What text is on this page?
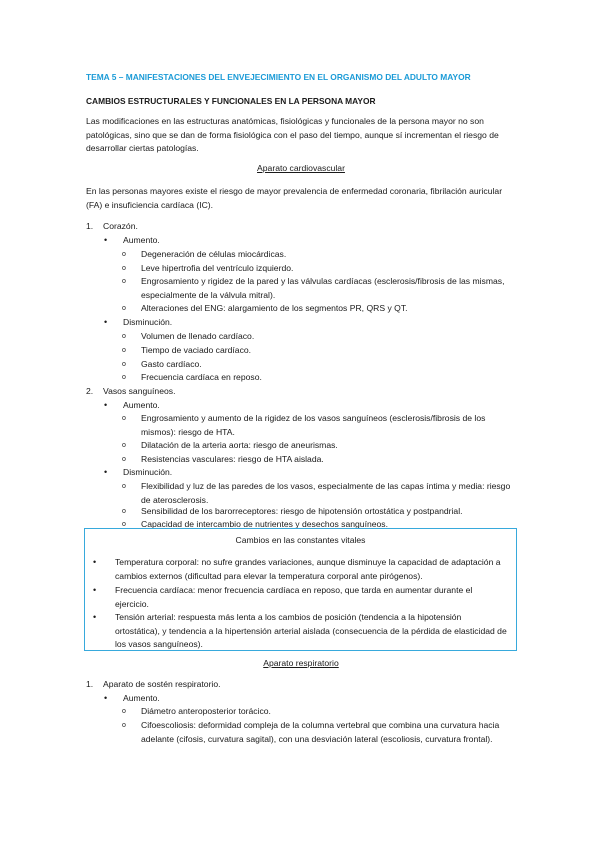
TEMA 5 – MANIFESTACIONES DEL ENVEJECIMIENTO EN EL ORGANISMO DEL ADULTO MAYOR
CAMBIOS ESTRUCTURALES Y FUNCIONALES EN LA PERSONA MAYOR
Las modificaciones en las estructuras anatómicas, fisiológicas y funcionales de la persona mayor no son patológicas, sino que se dan de forma fisiológica con el paso del tiempo, aunque sí incrementan el riesgo de desarrollar ciertas patologías.
Aparato cardiovascular
En las personas mayores existe el riesgo de mayor prevalencia de enfermedad coronaria, fibrilación auricular (FA) e insuficiencia cardíaca (IC).
1. Corazón.
• Aumento.
o Degeneración de células miocárdicas.
o Leve hipertrofia del ventrículo izquierdo.
o Engrosamiento y rigidez de la pared y las válvulas cardíacas (esclerosis/fibrosis de las mismas, especialmente de la válvula mitral).
o Alteraciones del ENG: alargamiento de los segmentos PR, QRS y QT.
• Disminución.
o Volumen de llenado cardíaco.
o Tiempo de vaciado cardíaco.
o Gasto cardíaco.
o Frecuencia cardíaca en reposo.
2. Vasos sanguíneos.
• Aumento.
o Engrosamiento y aumento de la rigidez de los vasos sanguíneos (esclerosis/fibrosis de los mismos): riesgo de HTA.
o Dilatación de la arteria aorta: riesgo de aneurismas.
o Resistencias vasculares: riesgo de HTA aislada.
• Disminución.
o Flexibilidad y luz de las paredes de los vasos, especialmente de las capas íntima y media: riesgo de aterosclerosis.
o Sensibilidad de los barorreceptores: riesgo de hipotensión ortostática y postpandrial.
o Capacidad de intercambio de nutrientes y desechos sanguíneos.
Cambios en las constantes vitales
• Temperatura corporal: no sufre grandes variaciones, aunque disminuye la capacidad de adaptación a cambios externos (dificultad para elevar la temperatura corporal ante pirógenos).
• Frecuencia cardíaca: menor frecuencia cardíaca en reposo, que tarda en aumentar durante el ejercicio.
• Tensión arterial: respuesta más lenta a los cambios de posición (tendencia a la hipotensión ortostática), y tendencia a la hipertensión arterial aislada (consecuencia de la pérdida de elasticidad de los vasos sanguíneos).
Aparato respiratorio
1. Aparato de sostén respiratorio.
• Aumento.
o Diámetro anteroposterior torácico.
o Cifoescoliosis: deformidad compleja de la columna vertebral que combina una curvatura hacia adelante (cifosis, curvatura sagital), con una desviación lateral (escoliosis, curvatura frontal).
